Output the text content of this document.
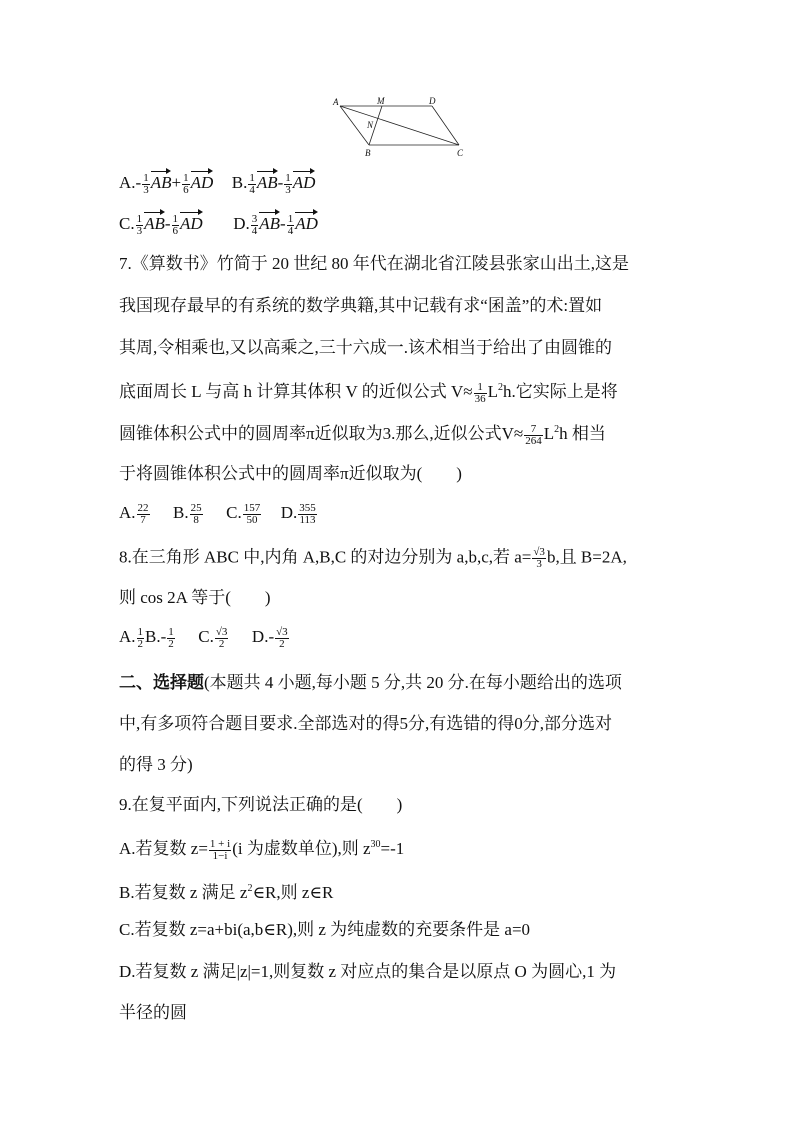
A	M	D
N
B	C
$A.- \frac{1}{3} AB+ \frac{1}{6}$ AD B. $\frac{1}{4} AB- \frac{1}{3}$ AD
C. $\frac{1}{3} AB- \frac{1}{6}$ AD D. $\frac{3}{4} AB- \frac{1}{4}$ AD
7.《算数书》竹简于 20 世纪 80 年代在湖北省江陵县张家山出土,这是
我国现存最早的有系统的数学典籍,其中记载有求“囷盖”的术:置如
其周,令相乘也,又以高乘之,三十六成一.该术相当于给出了由圆锥的
底面周长 L 与高 h 计算其体积 V 的近似公式 $V\approx \frac{1}{36} L^2h$.它实际上是将
圆锥体积公式中的圆周率π近似取为3.那么,近似公式$V\approx \frac{7}{264} L^2h$ 相当
于将圆锥体积公式中的圆周率π近似取为(　　)
A. $\frac{22}{7} B$. $\frac{25}{8} C$. $\frac{157}{50} D$. $\frac{355}{113}$
8.在三角形 ABC 中,内角 A,B,C 的对边分别为 a,b,c,若 $a= \frac{√3}{3} b$,且 B=2A,
则 cos 2A 等于(　　)
A. $\frac{1}{2} B.- \frac{1}{2} C$. $\frac{√3}{2} D.- \frac{√3}{2}$
二、选择题(本题共 4 小题,每小题 5 分,共 20 分.在每小题给出的选项
中,有多项符合题目要求.全部选对的得5分,有选错的得0分,部分选对
的得 3 分)
9.在复平面内,下列说法正确的是(　　)
A.若复数 $z= \frac{1 + i}{1-i} (i$ 为虚数单位),则 $z^{30}=-1$
B.若复数 z 满足 $z^2\in R$,则 z∈R
C.若复数 z=a+bi(a,b∈R),则 z 为纯虚数的充要条件是 a=0
D.若复数 z 满足|z|=1,则复数 z 对应点的集合是以原点 O 为圆心,1 为
半径的圆
